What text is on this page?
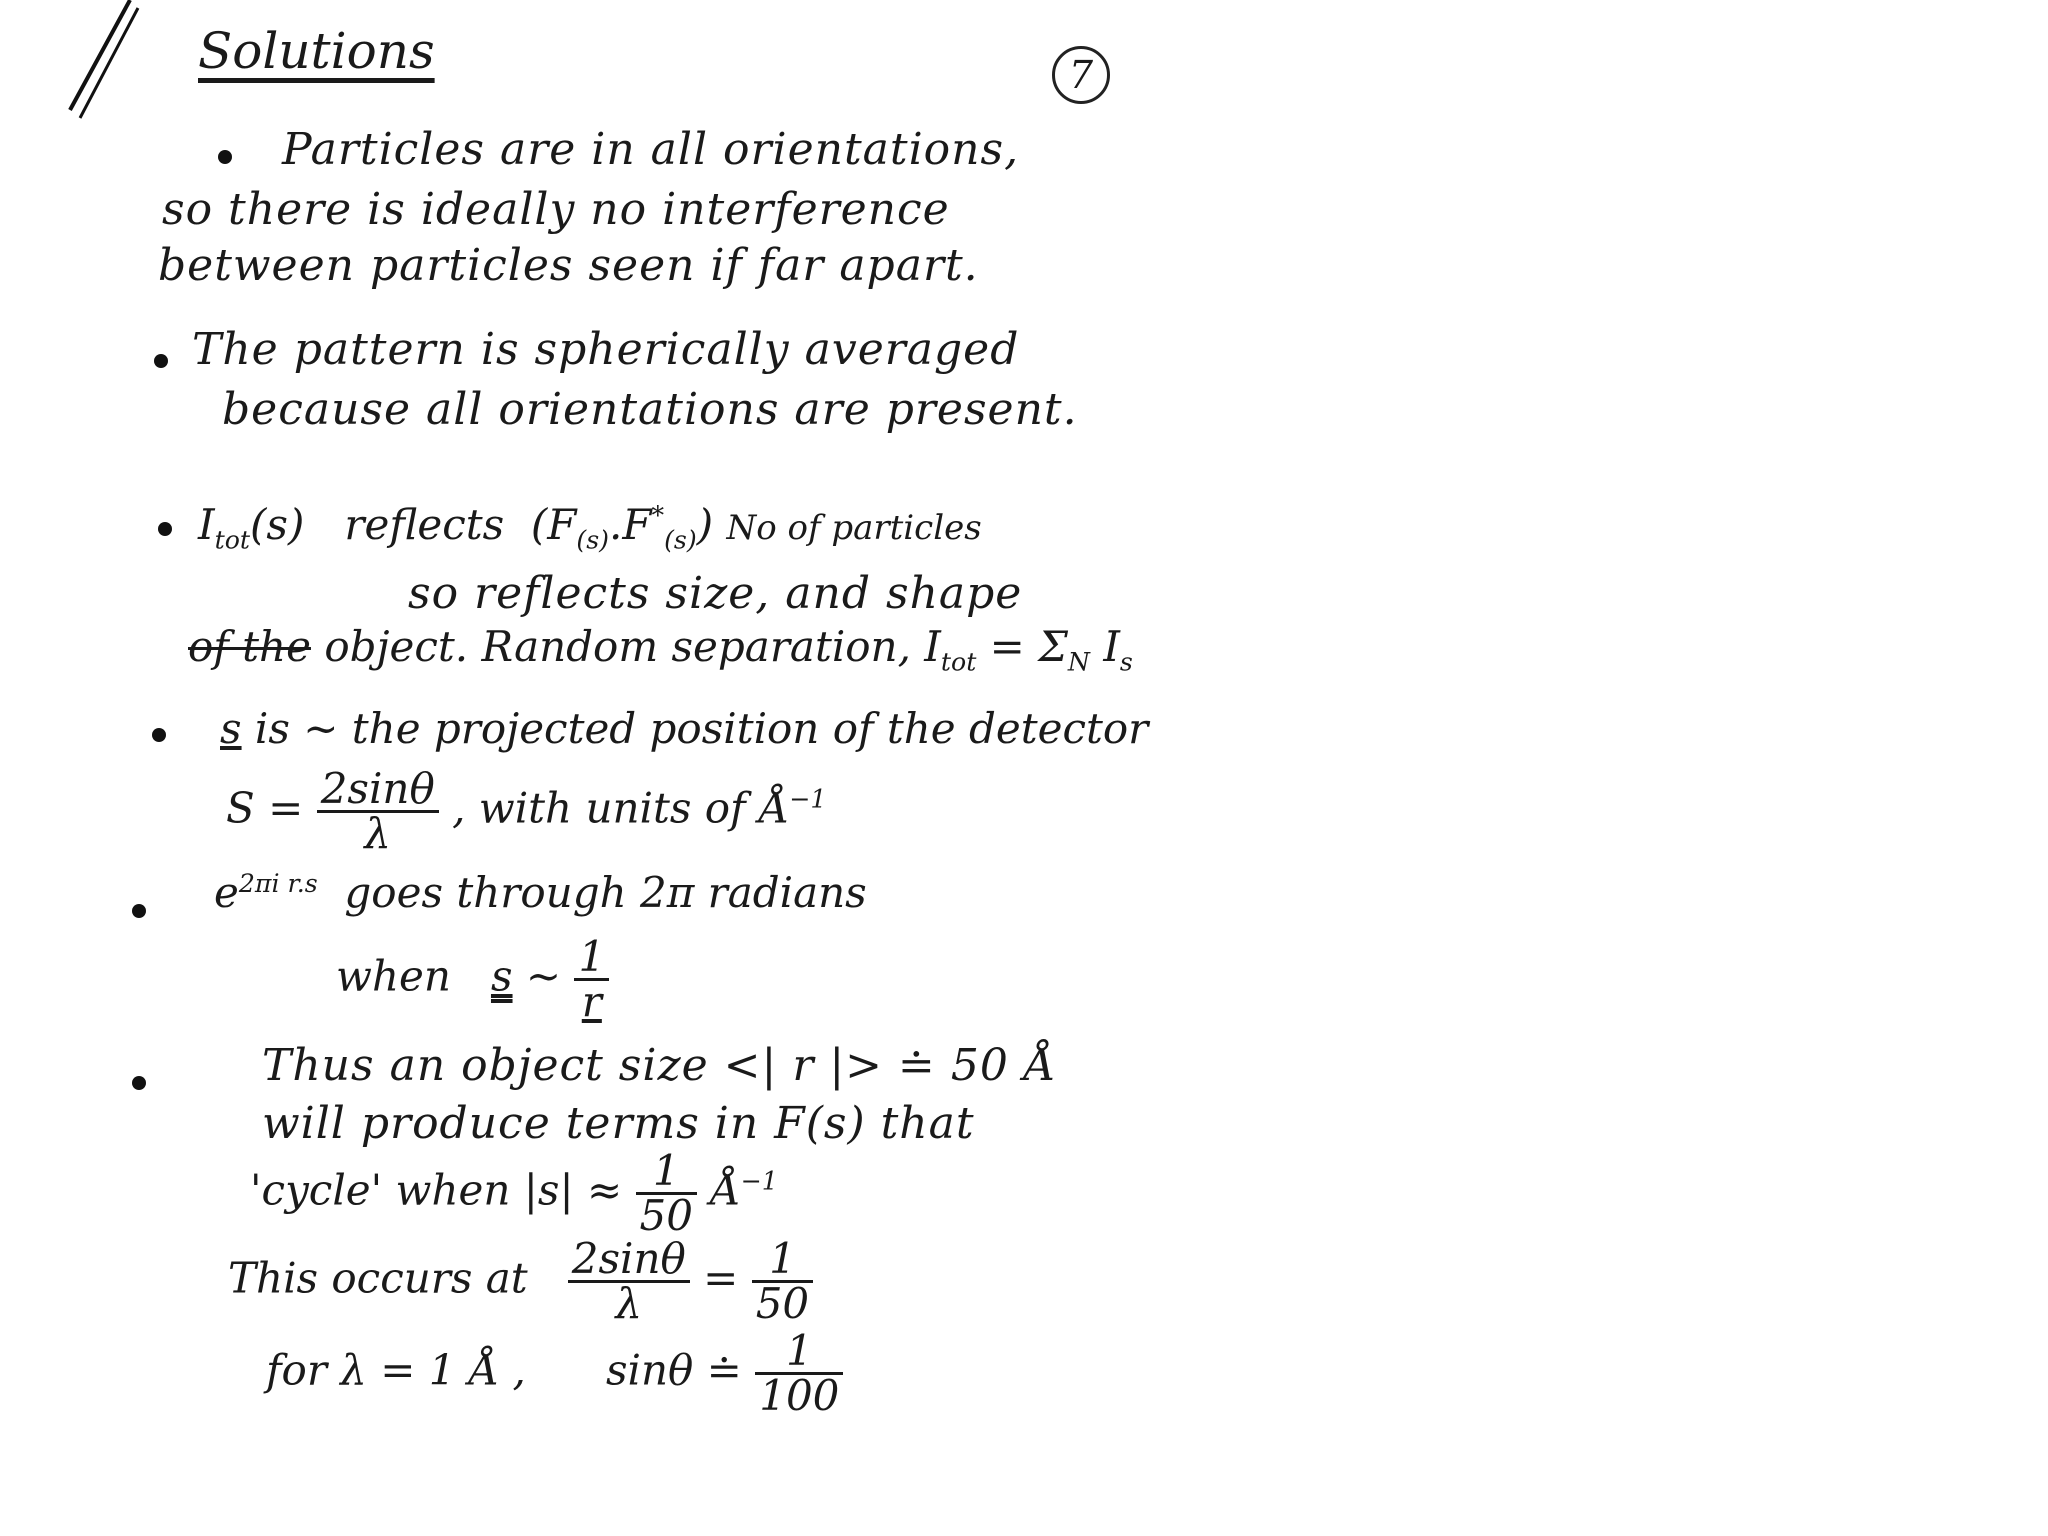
Solutions	7
Particles are in all orientations,
so there is ideally no interference
between particles seen if far apart.
The pattern is spherically averaged
because all orientations are present.
$I_{tot}(s)$ reflects $(F_{(s)}.F^*_{(s)})$ No of particles
so reflects size, and shape
of the object. Random separation, $I_{tot} = \Sigma_N$ $I_s$
s is ~ the projected position of the detector
$S = \frac{2\sin\theta}{\lambda}$ , with units of $Å^{-1}$
$e^{2\pi i r.s}$ goes through 2π radians
when s ~ $\frac{1}{r}$
Thus an object size <| r |> ≐ 50 Å
will produce terms in F(s) that
'cycle' when $|s| \approx \frac{1}{50}$ $Å^{-1}$
This occurs at $\frac{2\sin\theta}{\lambda} = \frac{1}{50}$
for λ = 1 Å , sinθ ≐ $\frac{1}{100}$
